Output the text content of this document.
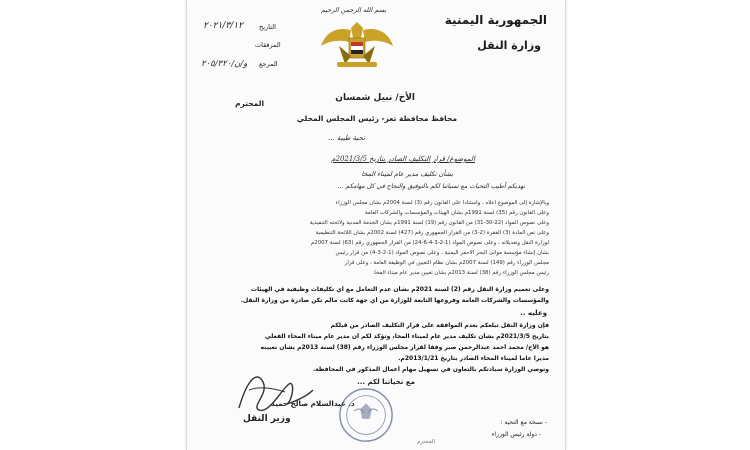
الجمهورية اليمنية
وزارة النقل
بسم الله الرحمن الرحيم
٢٠٢١/٣/١٢ التاريخ
المرفقات
و/ن/٢٠٥/٣٢٠ المرجع
الأخ/ نبيل شمسان
المحترم
محافظ محافظة تعز- رئيس المجلس المحلي
تحية طيبة ...
الموضوع/ قرار التكليف الصادر بتاريخ 2021/3/5م
بشأن تكليف مدير عام لميناء المخا
نهديكم أطيب التحيات مع تمنياتنا لكم بالتوفيق والنجاح في كل مهامكم ...
وبالإشارة إلى الموضوع أعلاه ، واستناداً على القانون رقم (3) لسنة 2004م بشأن مجلس الوزراء
وعلى القانون رقم (35) لسنة 1991م بشأن الهيئات والمؤسسات والشركات العامة
وعلى نصوص المواد (22-30-31) من القانون رقم (19) لسنة 1991م بشأن الخدمة المدنية ولائحته التنفيذية
وعلى نص المادة (3) الفقرة (2-3) من القرار الجمهوري رقم (427) لسنة 2002م بشأن اللائحة التنظيمية
لوزارة النقل وتعديلاته ، وعلى نصوص المواد (1-2-3-4-6-24) من القرار الجمهوري رقم (63) لسنة 2007م
بشأن إنشاء مؤسسة موانئ البحر الأحمر اليمنية ، وعلى نصوص المواد (1-2-3-4) من قرار رئيس
مجلس الوزراء رقم (149) لسنة 2007م بشأن نظام التعيين في الوظيفة العامة ، وعلى قرار
رئيس مجلس الوزراء رقم (38) لسنة 2013م بشأن تعيين مدير عام ميناء المخا.
وعلى تعميم وزارة النقل رقم (2) لسنة 2021م بشأن عدم التعامل مع أي تكليفات وظيفية في الهيئات
والمؤسسات والشركات العامة وفروعها التابعة للوزارة من أي جهة كانت مالم تكن صادرة من وزارة النقل.
وعليه ..
فإن وزارة النقل تبلغكم بعدم الموافقة على قرار التكليف الصادر من قبلكم
بتاريخ 2021/3/5م بشأن تكليف مدير عام لميناء المخا، وتؤكد لكم أن مدير عام ميناء المخاء الفعلي
هو الأخ/ محمد أحمد عبدالرحمن صبر وفقاً لقرار مجلس الوزراء رقم (38) لسنة 2013م بشأن تعيينه
مديراً عاماً لميناء المخاء الصادر بتاريخ 2013/1/21م.
وتوصي الوزارة سيادتكم بالتعاون في تسهيل مهام أعمال المذكور في المحافظة.
مع تحياتنا لكم ...
د. عبدالسلام صالح حميد
وزير النقل	- نسخة مع التحية :
- دولة رئيس الوزراء
المحترم
